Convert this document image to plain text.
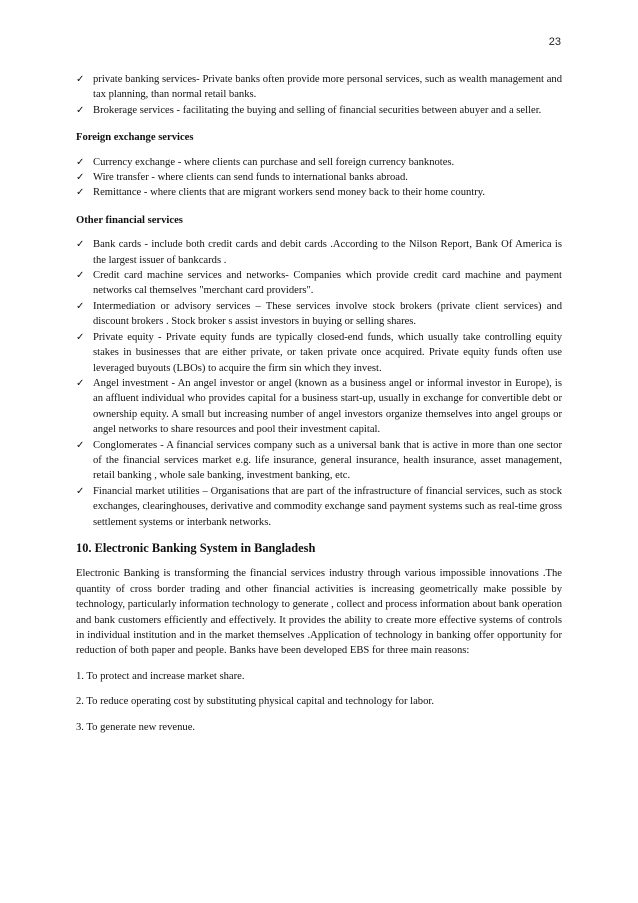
23
✓ private banking services- Private banks often provide more personal services, such as wealth management and tax planning, than normal retail banks.
✓ Brokerage services - facilitating the buying and selling of financial securities between abuyer and a seller.
Foreign exchange services
✓ Currency exchange - where clients can purchase and sell foreign currency banknotes.
✓ Wire transfer - where clients can send funds to international banks abroad.
✓ Remittance - where clients that are migrant workers send money back to their home country.
Other financial services
✓ Bank cards - include both credit cards and debit cards .According to the Nilson Report, Bank Of America is the largest issuer of bankcards .
✓ Credit card machine services and networks- Companies which provide credit card machine and payment networks cal themselves "merchant card providers".
✓ Intermediation or advisory services – These services involve stock brokers (private client services) and discount brokers . Stock broker s assist investors in buying or selling shares.
✓ Private equity - Private equity funds are typically closed-end funds, which usually take controlling equity stakes in businesses that are either private, or taken private once acquired. Private equity funds often use leveraged buyouts (LBOs) to acquire the firm sin which they invest.
✓ Angel investment - An angel investor or angel (known as a business angel or informal investor in Europe), is an affluent individual who provides capital for a business start-up, usually in exchange for convertible debt or ownership equity. A small but increasing number of angel investors organize themselves into angel groups or angel networks to share resources and pool their investment capital.
✓ Conglomerates - A financial services company such as a universal bank that is active in more than one sector of the financial services market e.g. life insurance, general insurance, health insurance, asset management, retail banking , whole sale banking, investment banking, etc.
✓ Financial market utilities – Organisations that are part of the infrastructure of financial services, such as stock exchanges, clearinghouses, derivative and commodity exchange sand payment systems such as real-time gross settlement systems or interbank networks.
10. Electronic Banking System in Bangladesh

Electronic Banking is transforming the financial services industry through various impossible innovations .The quantity of cross border trading and other financial activities is increasing geometrically make possible by technology, particularly information technology to generate , collect and process information about bank operation and bank customers efficiently and effectively. It provides the ability to create more effective systems of controls in individual institution and in the market themselves .Application of technology in banking offer opportunity for reduction of both paper and people. Banks have been developed EBS for three main reasons:

1. To protect and increase market share.

2. To reduce operating cost by substituting physical capital and technology for labor.

3. To generate new revenue.
